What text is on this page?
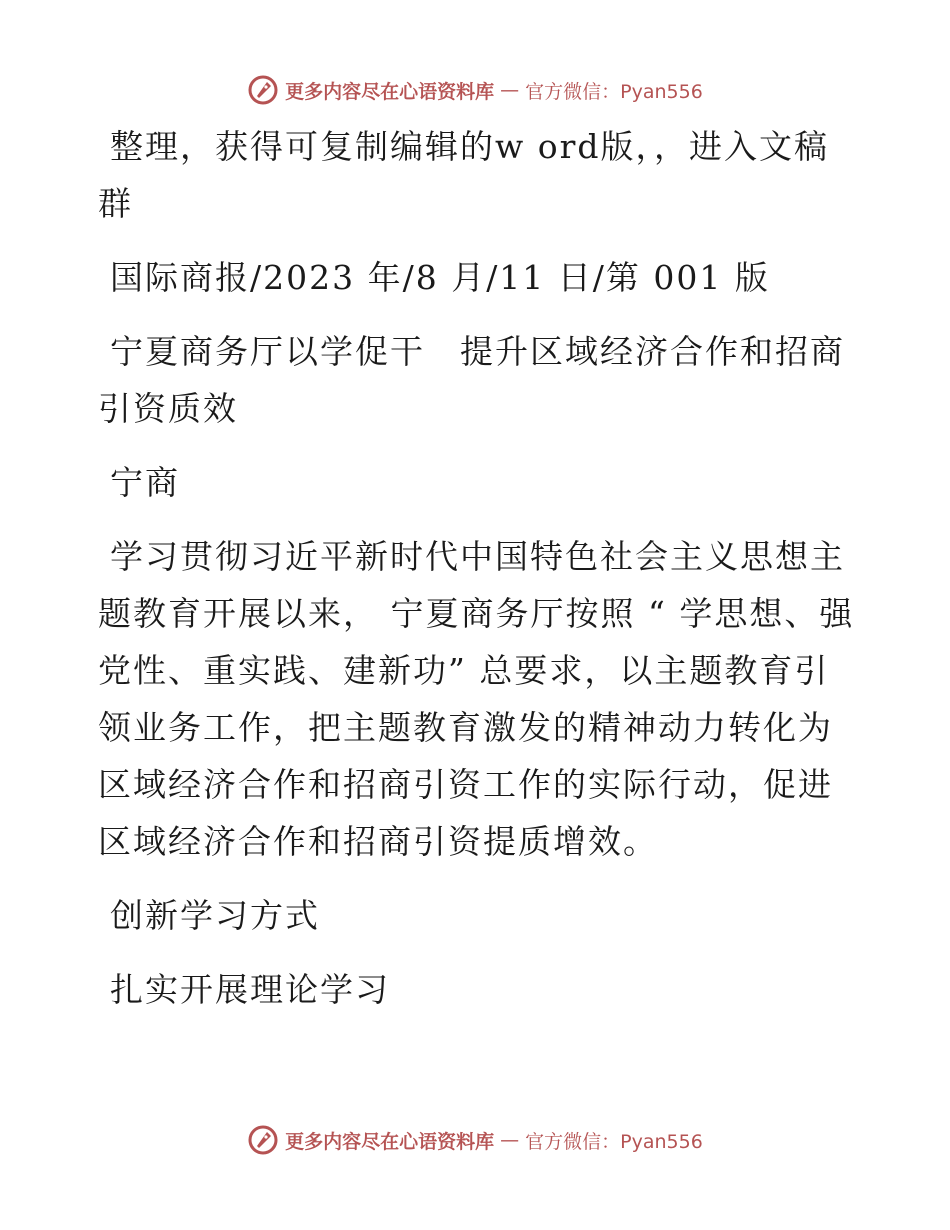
更多内容尽在心语资料库 — 官方微信：Pyan556

整理，获得可复制编辑的w ord版，，进入文稿群

国际商报/2023 年/8 月/11 日/第 001 版

宁夏商务厅以学促干　提升区域经济合作和招商引资质效

宁商

学习贯彻习近平新时代中国特色社会主义思想主题教育开展以来， 宁夏商务厅按照 “ 学思想、强党性、重实践、建新功” 总要求，以主题教育引领业务工作，把主题教育激发的精神动力转化为区域经济合作和招商引资工作的实际行动，促进区域经济合作和招商引资提质增效。

创新学习方式

扎实开展理论学习

更多内容尽在心语资料库 — 官方微信：Pyan556
